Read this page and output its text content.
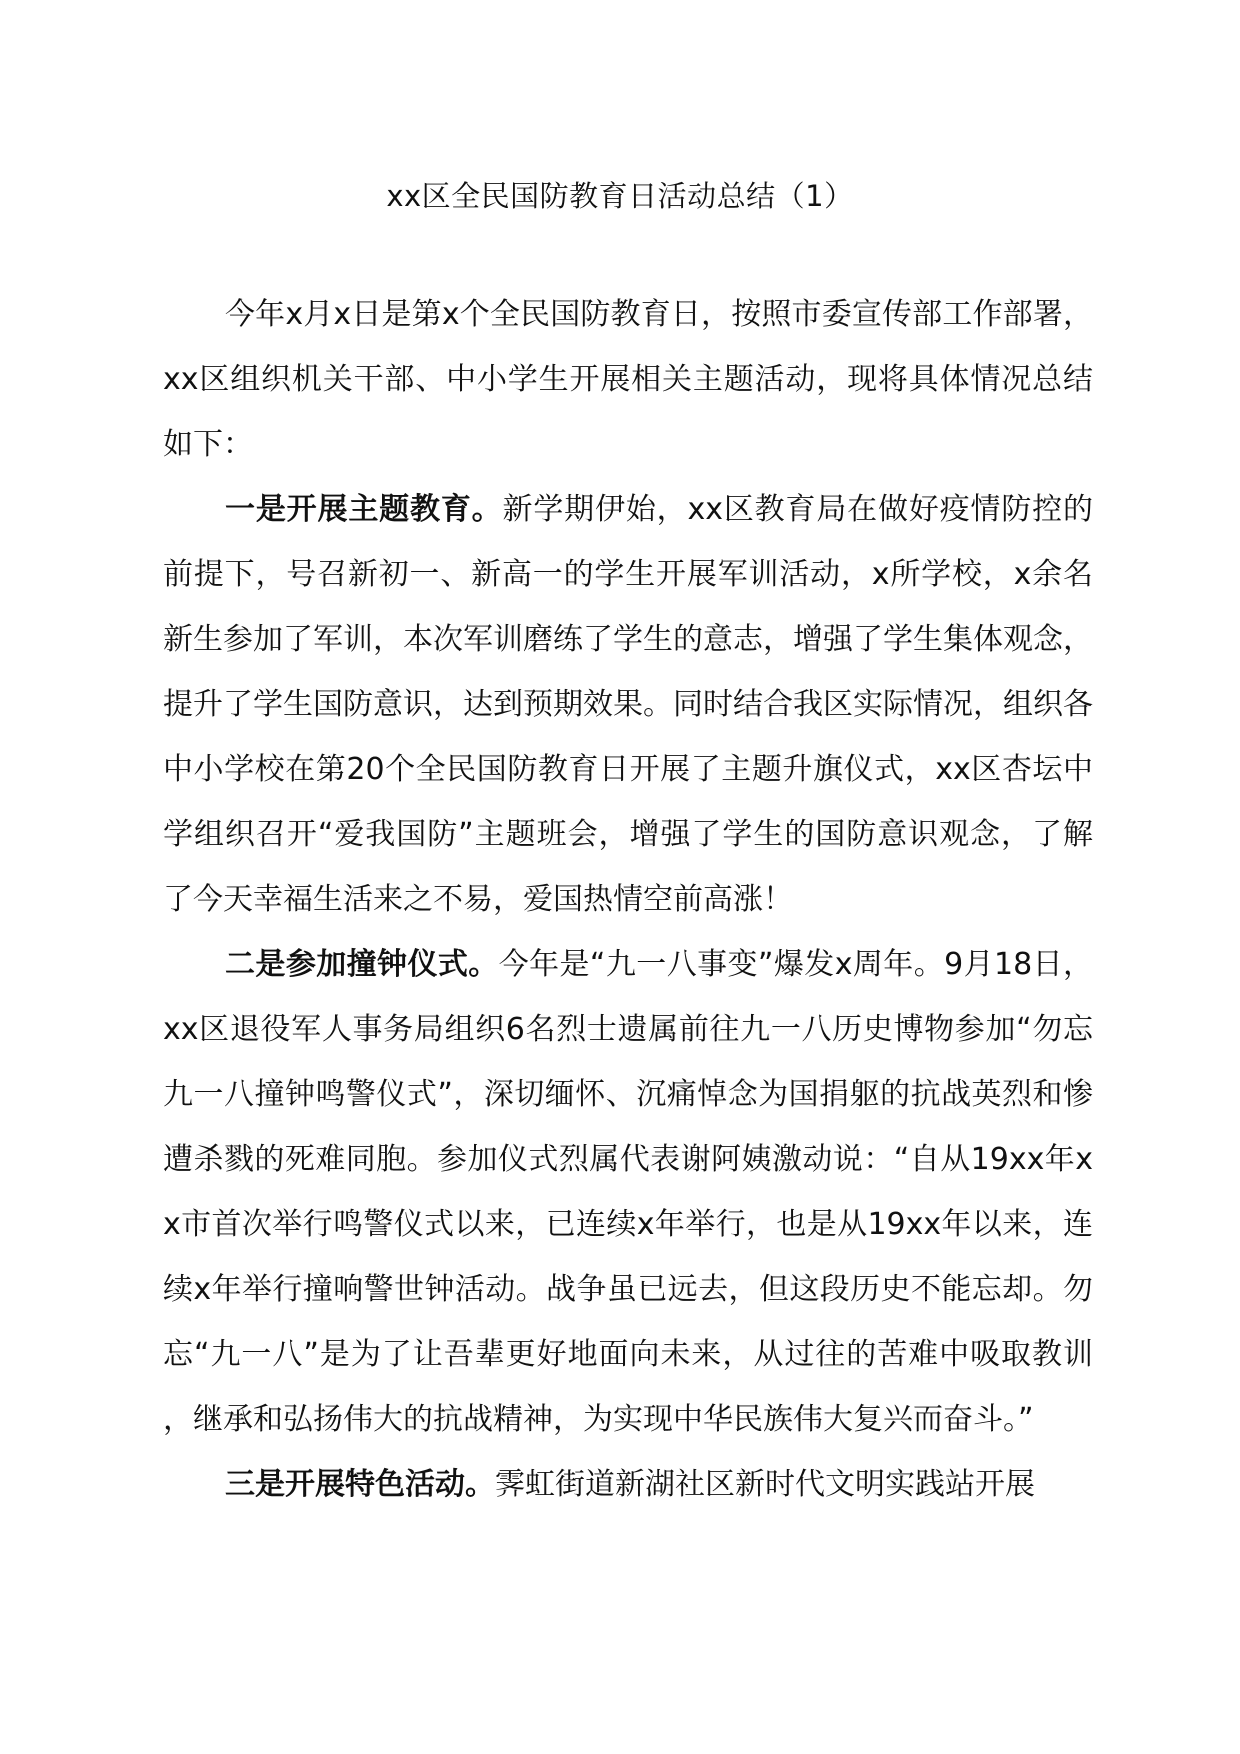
xx区全民国防教育日活动总结（1）

今年x月x日是第x个全民国防教育日，按照市委宣传部工作部署，xx区组织机关干部、中小学生开展相关主题活动，现将具体情况总结如下：

一是开展主题教育。新学期伊始，xx区教育局在做好疫情防控的前提下，号召新初一、新高一的学生开展军训活动，x所学校，x余名新生参加了军训，本次军训磨练了学生的意志，增强了学生集体观念，提升了学生国防意识，达到预期效果。同时结合我区实际情况，组织各中小学校在第20个全民国防教育日开展了主题升旗仪式，xx区杏坛中学组织召开“爱我国防”主题班会，增强了学生的国防意识观念，了解了今天幸福生活来之不易，爱国热情空前高涨！

二是参加撞钟仪式。今年是“九一八事变”爆发x周年。9月18日，xx区退役军人事务局组织6名烈士遗属前往九一八历史博物参加“勿忘九一八撞钟鸣警仪式”，深切缅怀、沉痛悼念为国捐躯的抗战英烈和惨遭杀戮的死难同胞。参加仪式烈属代表谢阿姨激动说：“自从19xx年xx市首次举行鸣警仪式以来，已连续x年举行，也是从19xx年以来，连续x年举行撞响警世钟活动。战争虽已远去，但这段历史不能忘却。勿忘“九一八”是为了让吾辈更好地面向未来，从过往的苦难中吸取教训，继承和弘扬伟大的抗战精神，为实现中华民族伟大复兴而奋斗。”

三是开展特色活动。霁虹街道新湖社区新时代文明实践站开展
